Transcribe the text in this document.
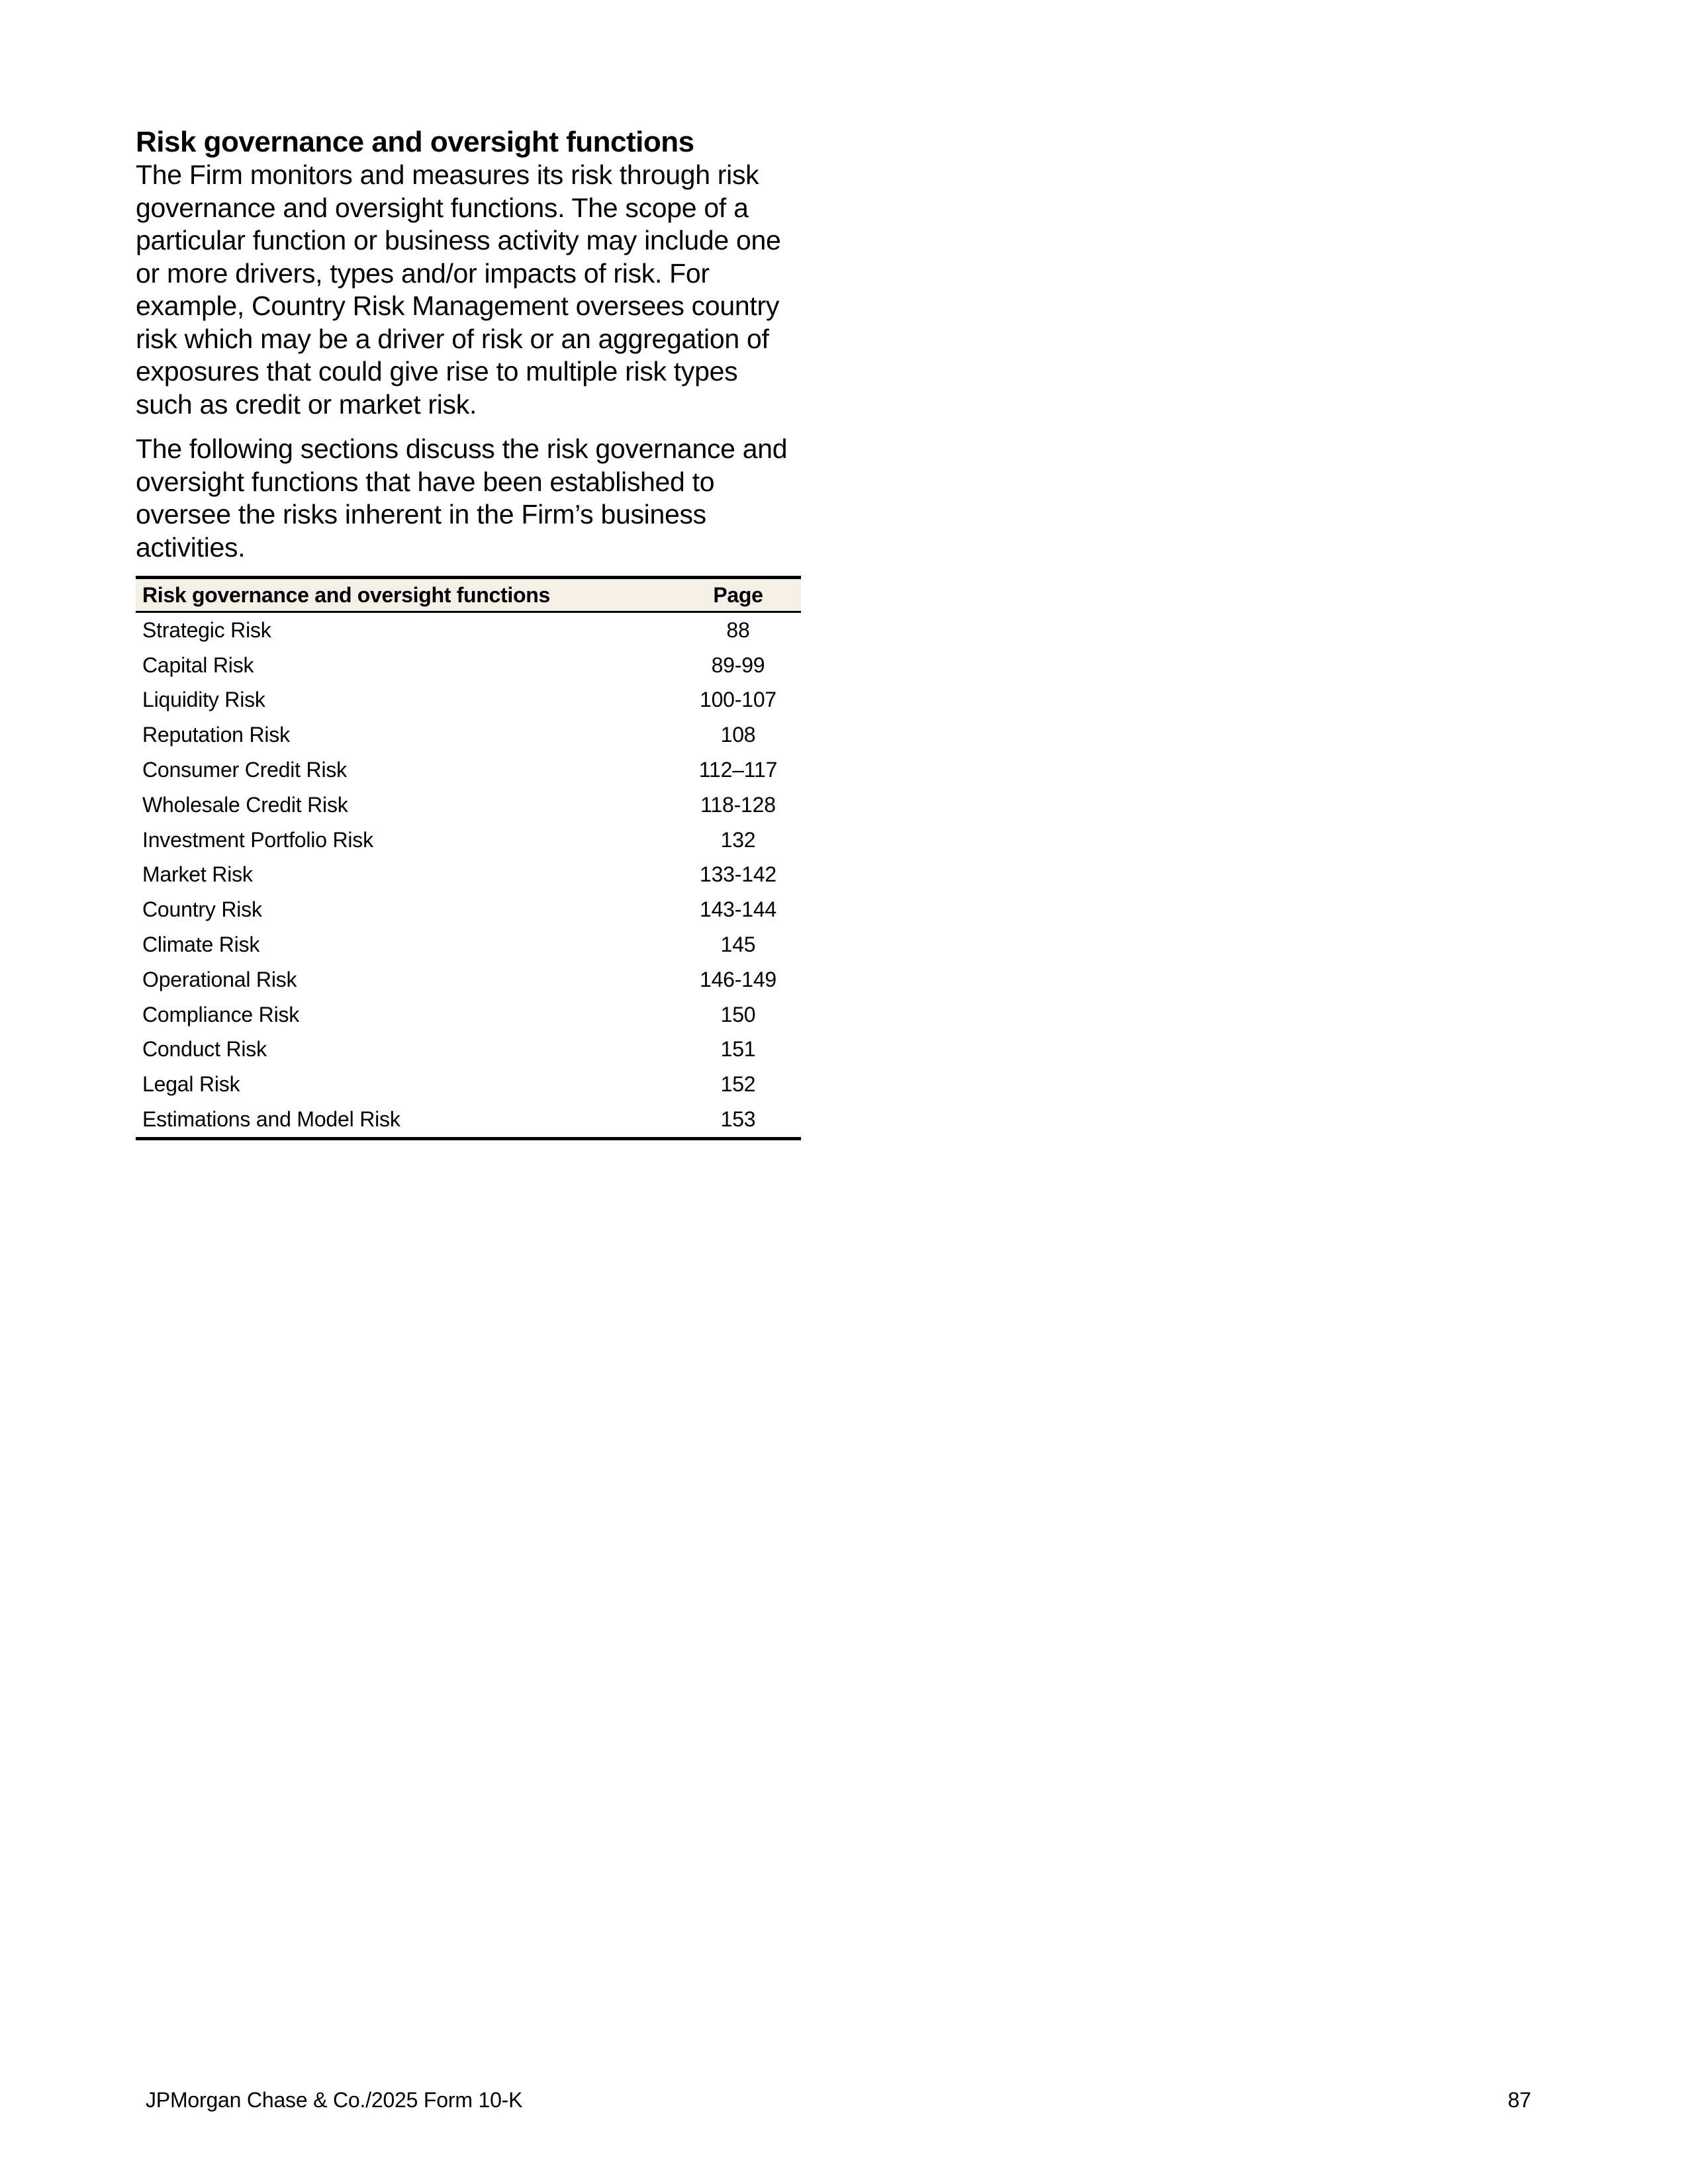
Risk governance and oversight functions

The Firm monitors and measures its risk through risk governance and oversight functions. The scope of a particular function or business activity may include one or more drivers, types and/or impacts of risk. For example, Country Risk Management oversees country risk which may be a driver of risk or an aggregation of exposures that could give rise to multiple risk types such as credit or market risk.

The following sections discuss the risk governance and oversight functions that have been established to oversee the risks inherent in the Firm’s business activities.

Risk governance and oversight functions	Page
Strategic Risk	88
Capital Risk	89-99
Liquidity Risk	100-107
Reputation Risk	108
Consumer Credit Risk	112–117
Wholesale Credit Risk	118-128
Investment Portfolio Risk	132
Market Risk	133-142
Country Risk	143-144
Climate Risk	145
Operational Risk	146-149
Compliance Risk	150
Conduct Risk	151
Legal Risk	152
Estimations and Model Risk	153
JPMorgan Chase & Co./2025 Form 10-K	87
